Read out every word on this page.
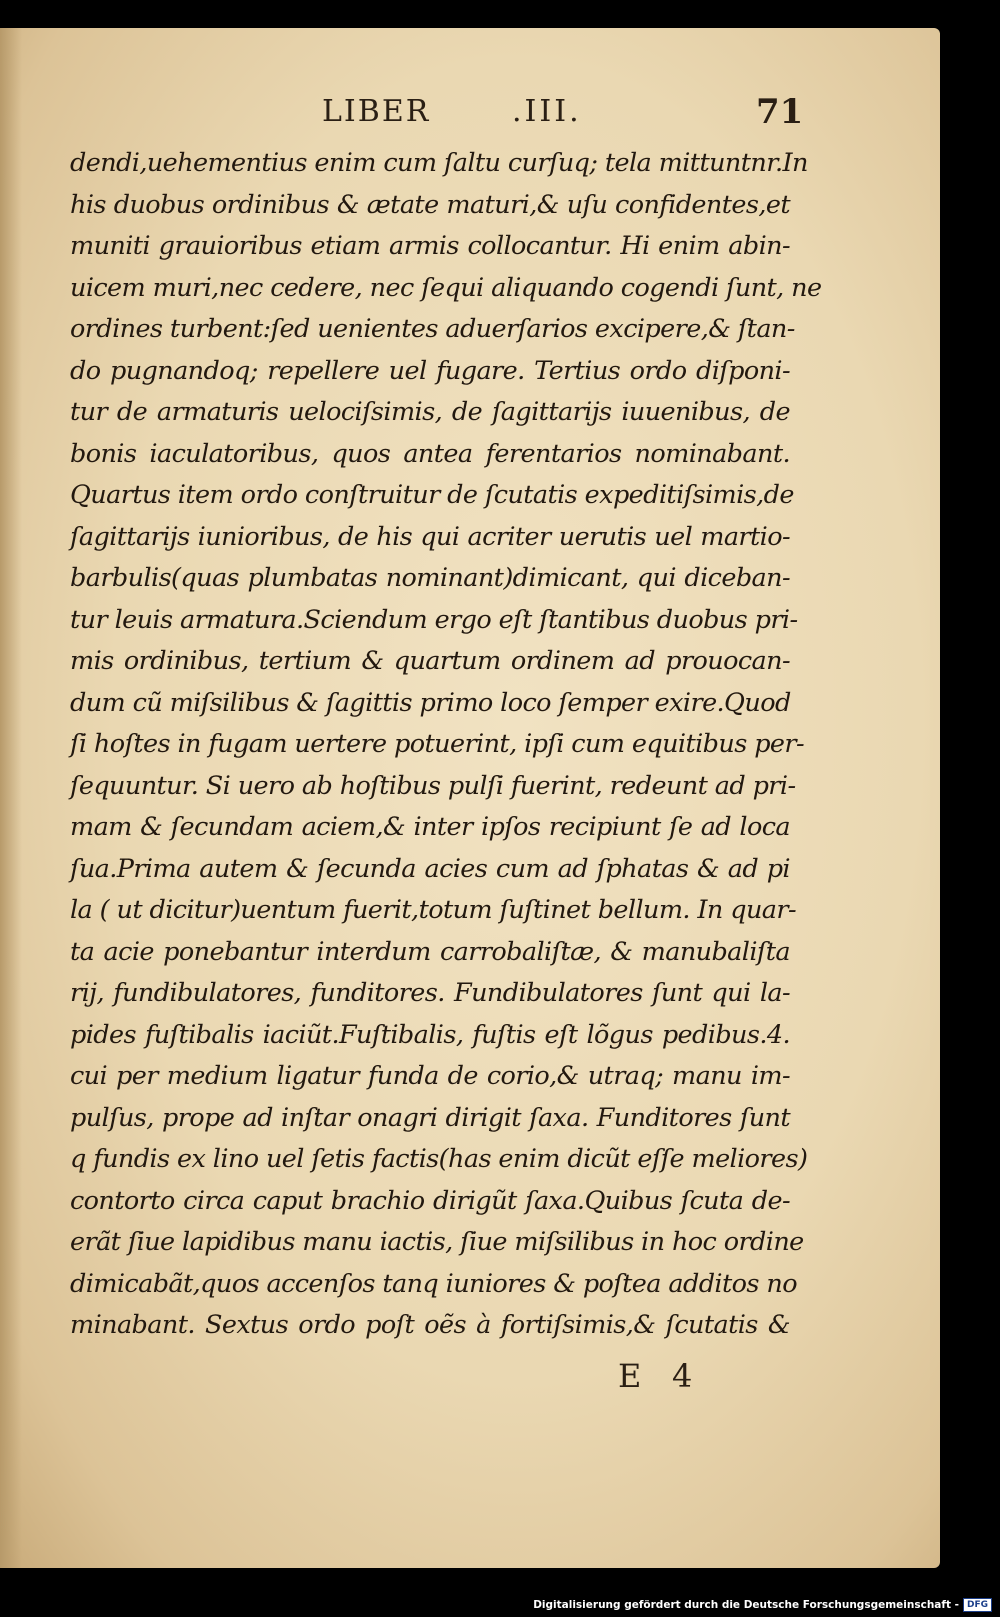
LIBER	.III.	71
dendi,uehementius enim cum ſaltu curſuq; tela mittuntnr.In
his duobus ordinibus & ætate maturi,& uſu confidentes,et
muniti grauioribus etiam armis collocantur. Hi enim abin-
uicem muri,nec cedere, nec ſequi aliquando cogendi ſunt, ne
ordines turbent:ſed uenientes aduerſarios excipere,& ſtan-
do pugnandoq; repellere uel fugare. Tertius ordo diſponi-
tur de armaturis uelociſsimis, de ſagittarijs iuuenibus, de
bonis iaculatoribus, quos antea ferentarios nominabant.
Quartus item ordo conſtruitur de ſcutatis expeditiſsimis,de
ſagittarijs iunioribus, de his qui acriter uerutis uel martio-
barbulis(quas plumbatas nominant)dimicant, qui diceban-
tur leuis armatura.Sciendum ergo eſt ſtantibus duobus pri-
mis ordinibus, tertium & quartum ordinem ad prouocan-
dum cũ miſsilibus & ſagittis primo loco ſemper exire.Quod
ſi hoſtes in fugam uertere potuerint, ipſi cum equitibus per-
ſequuntur. Si uero ab hoſtibus pulſi fuerint, redeunt ad pri-
mam & ſecundam aciem,& inter ipſos recipiunt ſe ad loca
ſua.Prima autem & ſecunda acies cum ad ſphatas & ad pi
la ( ut dicitur)uentum fuerit,totum ſuſtinet bellum. In quar-
ta acie ponebantur interdum carrobaliſtæ, & manubaliſta
rij, fundibulatores, funditores. Fundibulatores ſunt qui la-
pides fuſtibalis iaciũt.Fuſtibalis, fuſtis eſt lõgus pedibus.4.
cui per medium ligatur funda de corio,& utraq; manu im-
pulſus, prope ad inſtar onagri dirigit ſaxa. Funditores ſunt
q fundis ex lino uel ſetis factis(has enim dicũt eſſe meliores)
contorto circa caput brachio dirigũt ſaxa.Quibus ſcuta de-
erãt ſiue lapidibus manu iactis, ſiue miſsilibus in hoc ordine
dimicabãt,quos accenſos tanq iuniores & poſtea additos no
minabant. Sextus ordo poſt oẽs à fortiſsimis,& ſcutatis &
E 4
Digitalisierung gefördert durch die Deutsche Forschungsgemeinschaft - DFG
